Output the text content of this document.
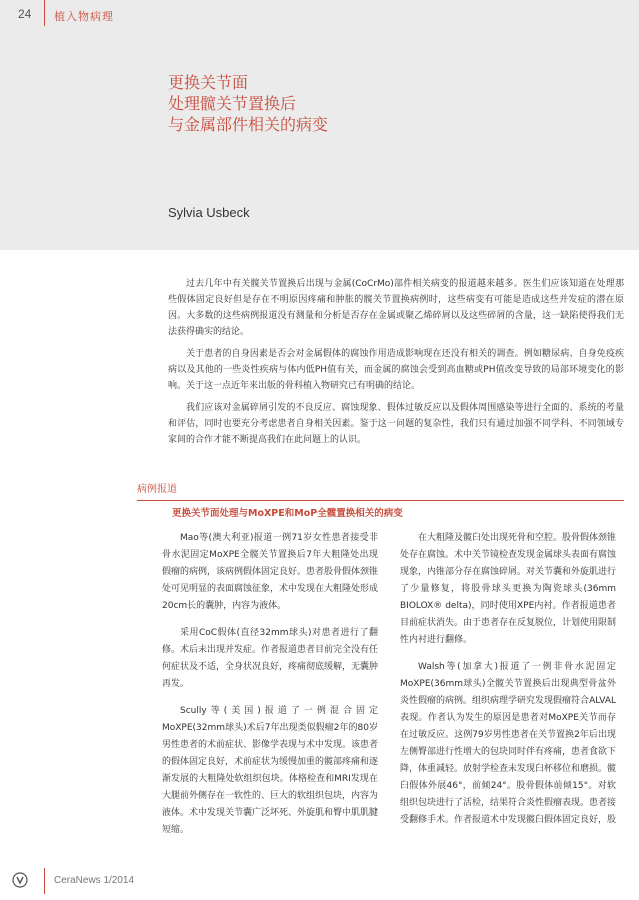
24 植入物病理
更换关节面
处理髋关节置换后
与金属部件相关的病变
Sylvia Usbeck

过去几年中有关髋关节置换后出现与金属(CoCrMo)部件相关病变的报道越来越多。医生们应该知道在处理那些假体固定良好但是存在不明原因疼痛和肿胀的髋关节置换病例时，这些病变有可能是造成这些并发症的潜在原因。大多数的这些病例报道没有测量和分析是否存在金属或聚乙烯碎屑以及这些碎屑的含量，这一缺陷使得我们无法获得确实的结论。

关于患者的自身因素是否会对金属假体的腐蚀作用造成影响现在还没有相关的调查。例如糖尿病、自身免疫疾病以及其他的一些炎性疾病与体内低PH值有关，而金属的腐蚀会受到高血糖或PH值改变导致的局部环境变化的影响。关于这一点近年来出版的骨科植入物研究已有明确的结论。

我们应该对金属碎屑引发的不良反应、腐蚀现象、假体过敏反应以及假体周围感染等进行全面的、系统的考量和评估，同时也要充分考虑患者自身相关因素。鉴于这一问题的复杂性，我们只有通过加强不同学科、不同领域专家间的合作才能不断提高我们在此问题上的认识。

病例报道
更换关节面处理与MoXPE和MoP全髋置换相关的病变

Mao等(澳大利亚)报道一例71岁女性患者接受非骨水泥固定MoXPE全髋关节置换后7年大粗隆处出现假瘤的病例，该病例假体固定良好。患者股骨假体颈锥处可见明显的表面腐蚀征象，术中发现在大粗隆处形成20cm长的囊肿，内容为液体。

采用CoC假体(直径32mm球头)对患者进行了翻修。术后未出现并发症。作者报道患者目前完全没有任何症状及不适，全身状况良好，疼痛彻底缓解，无囊肿再发。

Scully等(美国)报道了一例混合固定MoXPE(32mm球头)术后7年出现类似假瘤2年的80岁男性患者的术前症状、影像学表现与术中发现。该患者的假体固定良好，术前症状为缓慢加重的髋部疼痛和逐渐发展的大粗隆处软组织包块。体格检查和MRI发现在大腿前外侧存在一软性的、巨大的软组织包块，内容为液体。术中发现关节囊广泛坏死、外旋肌和臀中肌肌腱短缩。

在大粗隆及髋臼处出现死骨和空腔。股骨假体颈锥处存在腐蚀。术中关节镜检查发现金属球头表面有腐蚀现象，内锥部分存在腐蚀碎屑。对关节囊和外旋肌进行了少量修复，将股骨球头更换为陶瓷球头(36mm BIOLOX® delta)，同时使用XPE内衬。作者报道患者目前症状消失。由于患者存在反复脱位，计划使用限制性内衬进行翻修。

Walsh等(加拿大)报道了一例非骨水泥固定MoXPE(36mm球头)全髋关节置换后出现典型骨盆外炎性假瘤的病例。组织病理学研究发现假瘤符合ALVAL表现。作者认为发生的原因是患者对MoXPE关节而存在过敏反应。这例79岁男性患者在关节置换2年后出现左侧臀部进行性增大的包块同时伴有疼痛，患者食欲下降，体重减轻。放射学检查未发现臼杯移位和磨损。髋臼假体外展46°，前倾24°。股骨假体前倾15°。对软组织包块进行了活检，结果符合炎性假瘤表现。患者接受翻修手术。作者报道术中发现髋臼假体固定良好，股

CeraNews 1/2014
